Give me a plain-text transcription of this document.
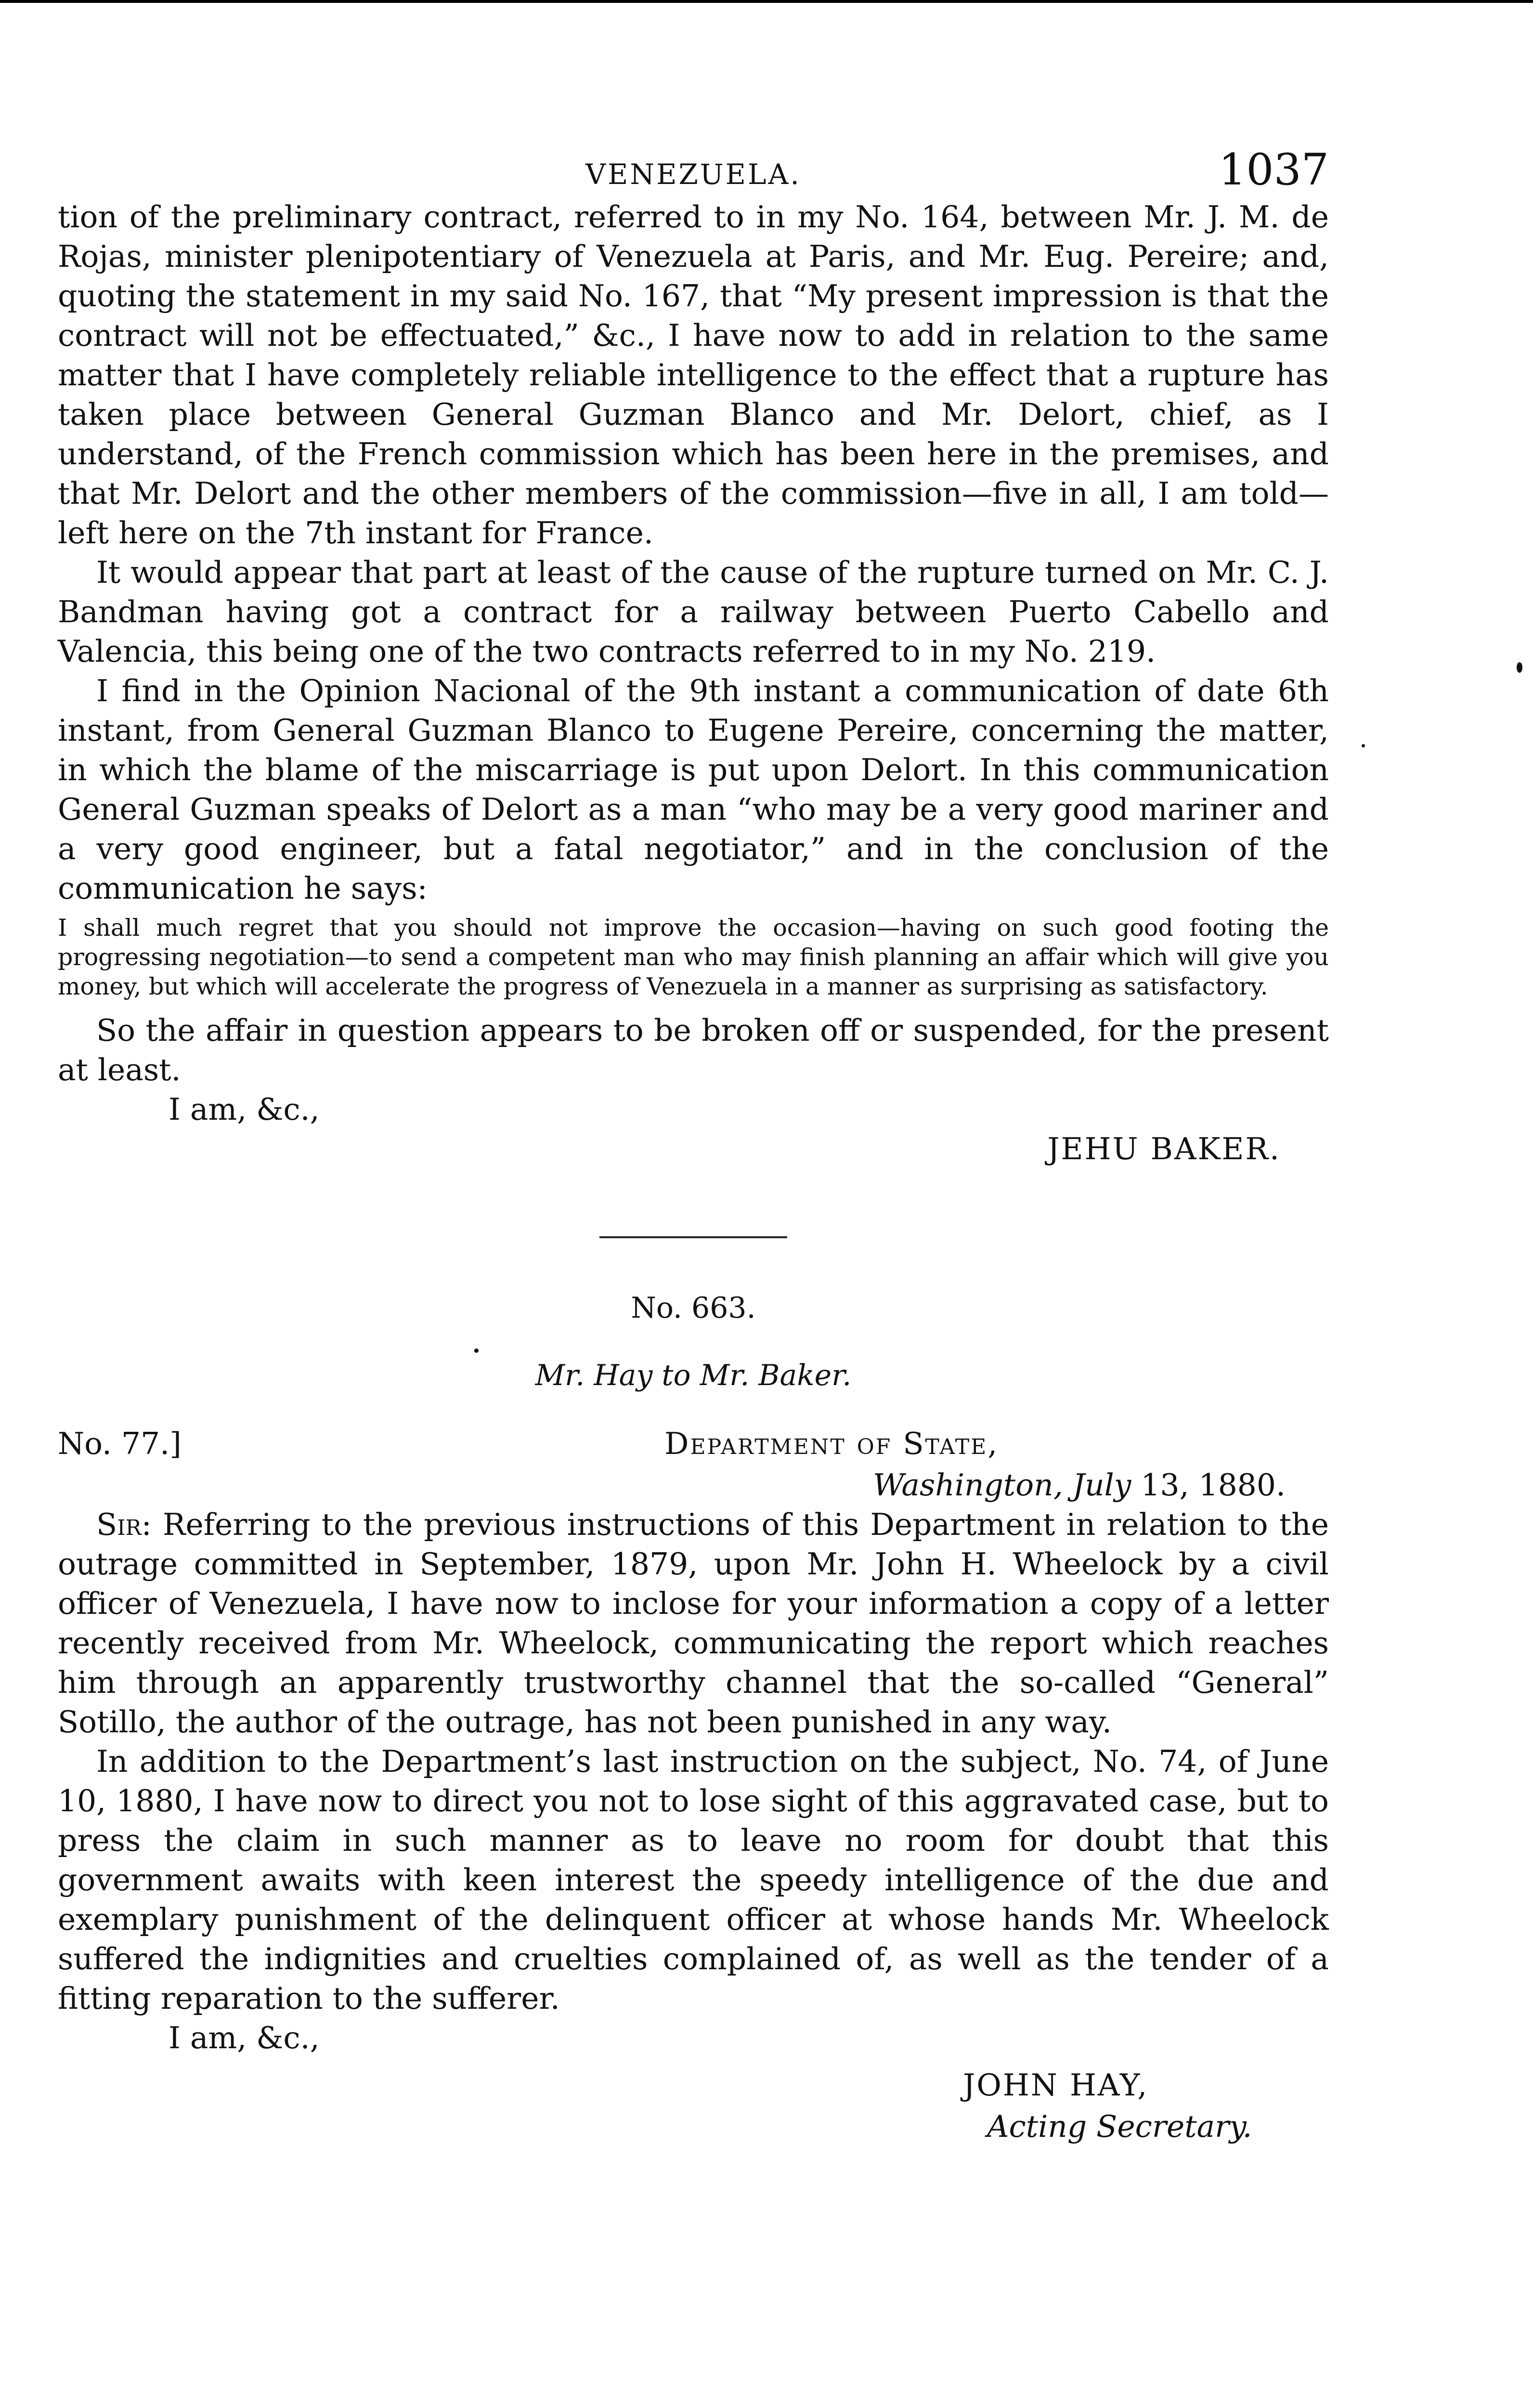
VENEZUELA.	1037

tion of the preliminary contract, referred to in my No. 164, between Mr. J. M. de Rojas, minister plenipotentiary of Venezuela at Paris, and Mr. Eug. Pereire; and, quoting the statement in my said No. 167, that “My present impression is that the contract will not be effectuated,” &c., I have now to add in relation to the same matter that I have completely reliable intelligence to the effect that a rupture has taken place between General Guzman Blanco and Mr. Delort, chief, as I understand, of the French commission which has been here in the premises, and that Mr. Delort and the other members of the commission—five in all, I am told—left here on the 7th instant for France.

It would appear that part at least of the cause of the rupture turned on Mr. C. J. Bandman having got a contract for a railway between Puerto Cabello and Valencia, this being one of the two contracts referred to in my No. 219.

I find in the Opinion Nacional of the 9th instant a communication of date 6th instant, from General Guzman Blanco to Eugene Pereire, concerning the matter, in which the blame of the miscarriage is put upon Delort. In this communication General Guzman speaks of Delort as a man “who may be a very good mariner and a very good engineer, but a fatal negotiator,” and in the conclusion of the communication he says:

I shall much regret that you should not improve the occasion—having on such good footing the progressing negotiation—to send a competent man who may finish planning an affair which will give you money, but which will accelerate the progress of Venezuela in a manner as surprising as satisfactory.

So the affair in question appears to be broken off or suspended, for the present at least.

I am, &c.,

JEHU BAKER.

No. 663.
Mr. Hay to Mr. Baker.
No. 77.]	Department of State,
Washington, July 13, 1880.

Sir: Referring to the previous instructions of this Department in relation to the outrage committed in September, 1879, upon Mr. John H. Wheelock by a civil officer of Venezuela, I have now to inclose for your information a copy of a letter recently received from Mr. Wheelock, communicating the report which reaches him through an apparently trustworthy channel that the so-called “General” Sotillo, the author of the outrage, has not been punished in any way.

In addition to the Department’s last instruction on the subject, No. 74, of June 10, 1880, I have now to direct you not to lose sight of this aggravated case, but to press the claim in such manner as to leave no room for doubt that this government awaits with keen interest the speedy intelligence of the due and exemplary punishment of the delinquent officer at whose hands Mr. Wheelock suffered the indignities and cruelties complained of, as well as the tender of a fitting reparation to the sufferer.

I am, &c.,

JOHN HAY,
Acting Secretary.
